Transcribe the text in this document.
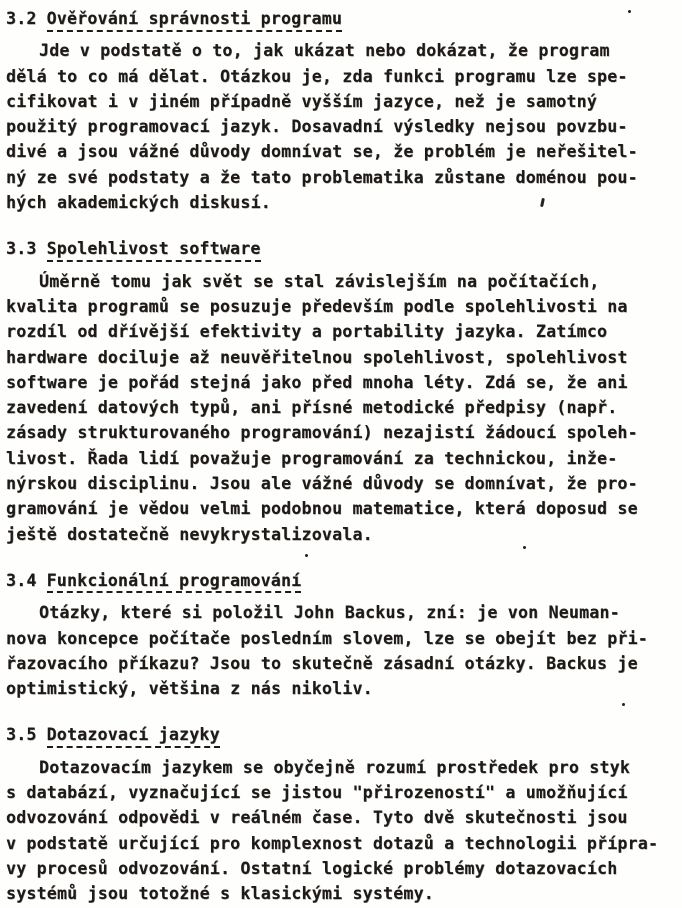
3.2 Ověřování správnosti programu
Jde v podstatě o to, jak ukázat nebo dokázat, že program
dělá to co má dělat. Otázkou je, zda funkci programu lze spe-
cifikovat i v jiném případně vyšším jazyce, než je samotný
použitý programovací jazyk. Dosavadní výsledky nejsou povzbu-
divé a jsou vážné důvody domnívat se, že problém je neřešitel-
ný ze své podstaty a že tato problematika zůstane doménou pou-
hých akademických diskusí.
3.3 Spolehlivost software
Úměrně tomu jak svět se stal závislejším na počítačích,
kvalita programů se posuzuje především podle spolehlivosti na
rozdíl od dřívější efektivity a portability jazyka. Zatímco
hardware dociluje až neuvěřitelnou spolehlivost, spolehlivost
software je pořád stejná jako před mnoha léty. Zdá se, že ani
zavedení datových typů, ani přísné metodické předpisy (např.
zásady strukturovaného programování) nezajistí žádoucí spoleh-
livost. Řada lidí považuje programování za technickou, inže-
nýrskou disciplinu. Jsou ale vážné důvody se domnívat, že pro-
gramování je vědou velmi podobnou matematice, která doposud se
ještě dostatečně nevykrystalizovala.
3.4 Funkcionální programování
Otázky, které si položil John Backus, zní: je von Neuman-
nova koncepce počítače posledním slovem, lze se obejít bez při-
řazovacího příkazu? Jsou to skutečně zásadní otázky. Backus je
optimistický, většina z nás nikoliv.
3.5 Dotazovací jazyky
Dotazovacím jazykem se obyčejně rozumí prostředek pro styk
s databází, vyznačující se jistou "přirozeností" a umožňující
odvozování odpovědi v reálném čase. Tyto dvě skutečnosti jsou
v podstatě určující pro komplexnost dotazů a technologii přípra-
vy procesů odvozování. Ostatní logické problémy dotazovacích
systémů jsou totožné s klasickými systémy.
